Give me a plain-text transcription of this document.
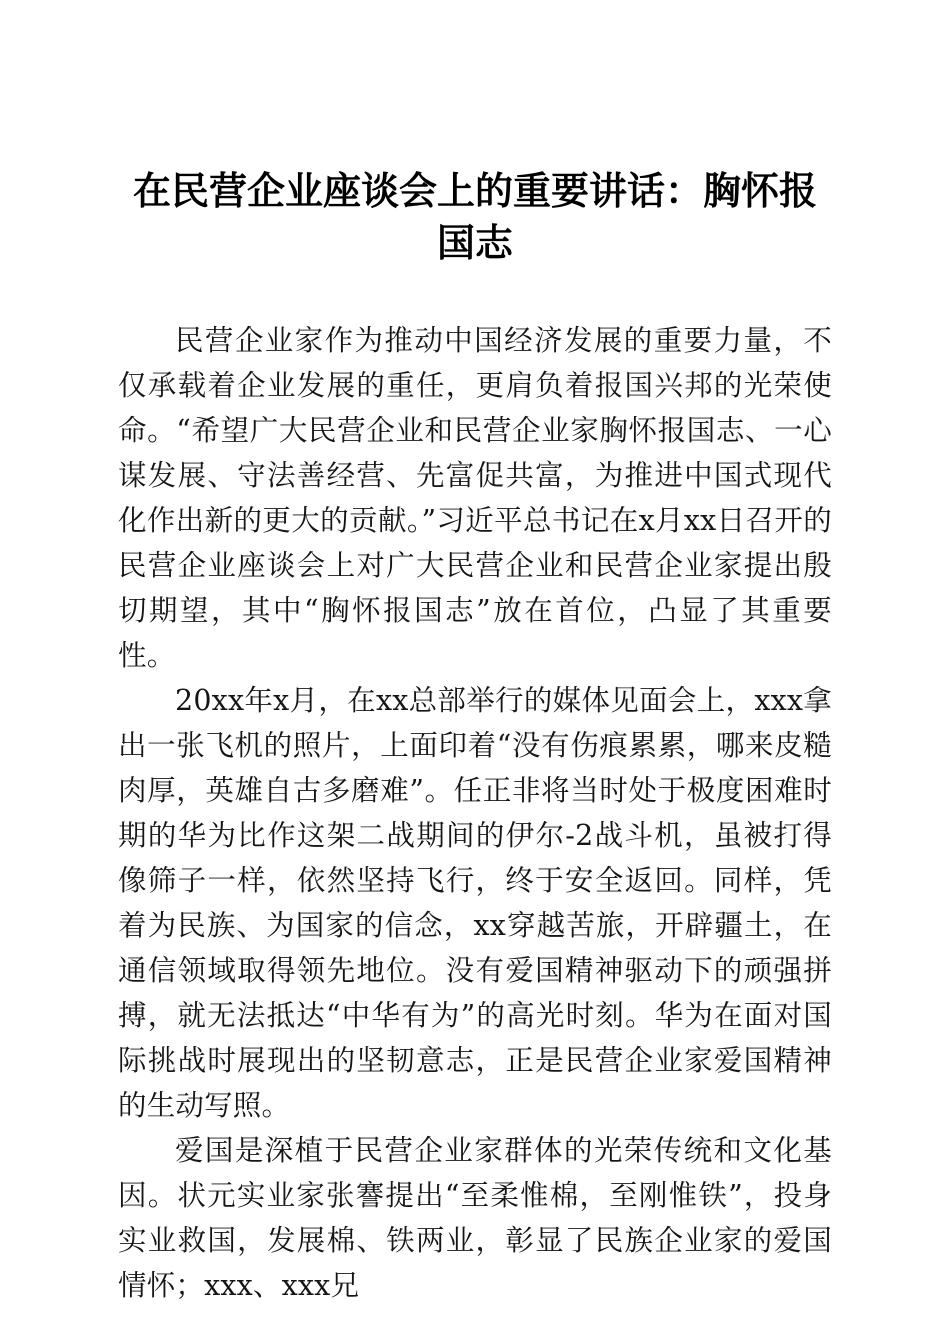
在民营企业座谈会上的重要讲话：胸怀报国志

民营企业家作为推动中国经济发展的重要力量，不仅承载着企业发展的重任，更肩负着报国兴邦的光荣使命。“希望广大民营企业和民营企业家胸怀报国志、一心谋发展、守法善经营、先富促共富，为推进中国式现代化作出新的更大的贡献。”习近平总书记在x月xx日召开的民营企业座谈会上对广大民营企业和民营企业家提出殷切期望，其中“胸怀报国志”放在首位，凸显了其重要性。

20xx年x月，在xx总部举行的媒体见面会上，xxx拿出一张飞机的照片，上面印着“没有伤痕累累，哪来皮糙肉厚，英雄自古多磨难”。任正非将当时处于极度困难时期的华为比作这架二战期间的伊尔-2战斗机，虽被打得像筛子一样，依然坚持飞行，终于安全返回。同样，凭着为民族、为国家的信念，xx穿越苦旅，开辟疆土，在通信领域取得领先地位。没有爱国精神驱动下的顽强拼搏，就无法抵达“中华有为”的高光时刻。华为在面对国际挑战时展现出的坚韧意志，正是民营企业家爱国精神的生动写照。

爱国是深植于民营企业家群体的光荣传统和文化基因。状元实业家张謇提出“至柔惟棉，至刚惟铁”，投身实业救国，发展棉、铁两业，彰显了民族企业家的爱国情怀；xxx、xxx兄
